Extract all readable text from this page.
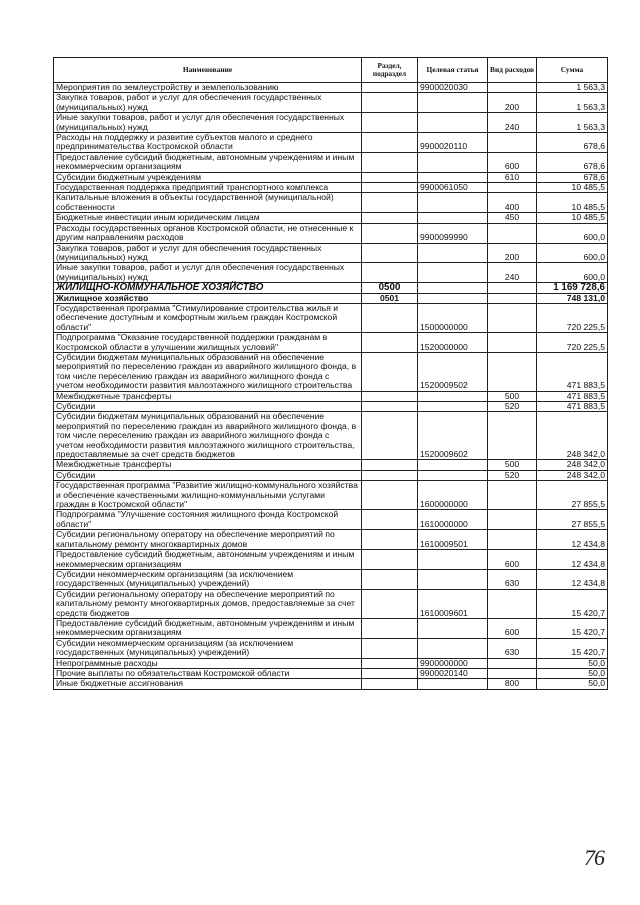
Наименование	Раздел, подраздел	Целевая статья	Вид расходов	Сумма
Мероприятия по землеустройству и землепользованию		9900020030		1 563,3
Закупка товаров, работ и услуг для обеспечения государственных (муниципальных) нужд			200	1 563,3
Иные закупки товаров, работ и услуг для обеспечения государственных (муниципальных) нужд			240	1 563,3
Расходы на поддержку и развитие субъектов малого и среднего предпринимательства Костромской области		9900020110		678,6
Предоставление субсидий бюджетным, автономным учреждениям и иным некоммерческим организациям			600	678,6
Субсидии бюджетным учреждениям			610	678,6
Государственная поддержка предприятий транспортного комплекса		9900061050		10 485,5
Капитальные вложения в объекты государственной (муниципальной) собственности			400	10 485,5
Бюджетные инвестиции иным юридическим лицам			450	10 485,5
Расходы государственных органов Костромской области, не отнесенные к другим направлениям расходов		9900099990		600,0
Закупка товаров, работ и услуг для обеспечения государственных (муниципальных) нужд			200	600,0
Иные закупки товаров, работ и услуг для обеспечения государственных (муниципальных) нужд			240	600,0
ЖИЛИЩНО-КОММУНАЛЬНОЕ ХОЗЯЙСТВО	0500			1 169 728,6
Жилищное хозяйство	0501			748 131,0
Государственная программа "Стимулирование строительства жилья и обеспечение доступным и комфортным жильем граждан Костромской области"		1500000000		720 225,5
Подпрограмма "Оказание государственной поддержки гражданам в Костромской области в улучшении жилищных условий"		1520000000		720 225,5
Субсидии бюджетам муниципальных образований на обеспечение мероприятий по переселению граждан из аварийного жилищного фонда, в том числе переселению граждан из аварийного жилищного фонда с учетом необходимости развития малоэтажного жилищного строительства		1520009502		471 883,5
Межбюджетные трансферты			500	471 883,5
Субсидии			520	471 883,5
Субсидии бюджетам муниципальных образований на обеспечение мероприятий по переселению граждан из аварийного жилищного фонда, в том числе переселению граждан из аварийного жилищного фонда с учетом необходимости развития малоэтажного жилищного строительства, предоставляемые за счет средств бюджетов		1520009602		248 342,0
Межбюджетные трансферты			500	248 342,0
Субсидии			520	248 342,0
Государственная программа "Развитие жилищно-коммунального хозяйства и обеспечение качественными жилищно-коммунальными услугами граждан в Костромской области"		1600000000		27 855,5
Подпрограмма "Улучшение состояния жилищного фонда Костромской области"		1610000000		27 855,5
Субсидии региональному оператору на обеспечение мероприятий по капитальному ремонту многоквартирных домов		1610009501		12 434,8
Предоставление субсидий бюджетным, автономным учреждениям и иным некоммерческим организациям			600	12 434,8
Субсидии некоммерческим организациям (за исключением государственных (муниципальных) учреждений)			630	12 434,8
Субсидии региональному оператору на обеспечение мероприятий по капитальному ремонту многоквартирных домов, предоставляемые за счет средств бюджетов		1610009601		15 420,7
Предоставление субсидий бюджетным, автономным учреждениям и иным некоммерческим организациям			600	15 420,7
Субсидии некоммерческим организациям (за исключением государственных (муниципальных) учреждений)			630	15 420,7
Непрограммные расходы		9900000000		50,0
Прочие выплаты по обязательствам Костромской области		9900020140		50,0
Иные бюджетные ассигнования			800	50,0
76
